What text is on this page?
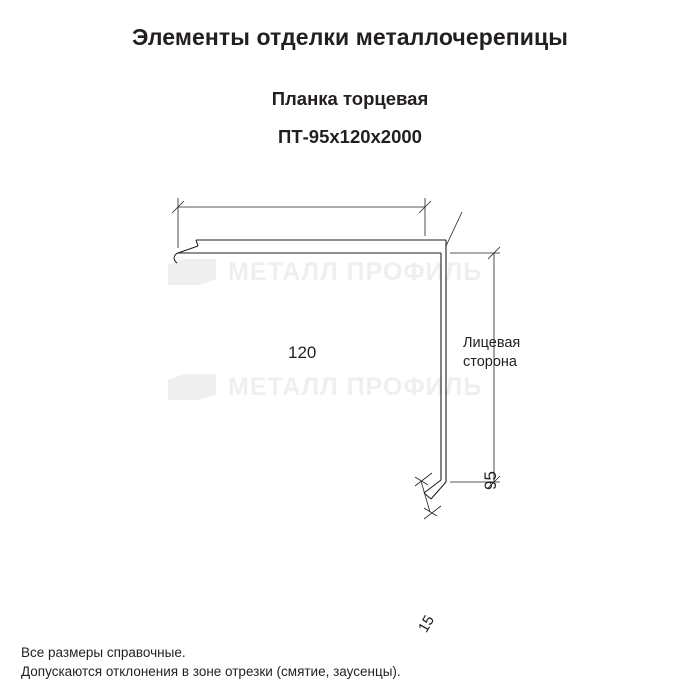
Элементы отделки металлочерепицы
Планка торцевая
ПТ-95x120x2000
МЕТАЛЛ ПРОФИЛЬ
МЕТАЛЛ ПРОФИЛЬ
120
95
15
Лицевая
сторона
Все размеры справочные.
Допускаются отклонения в зоне отрезки (смятие, заусенцы).
